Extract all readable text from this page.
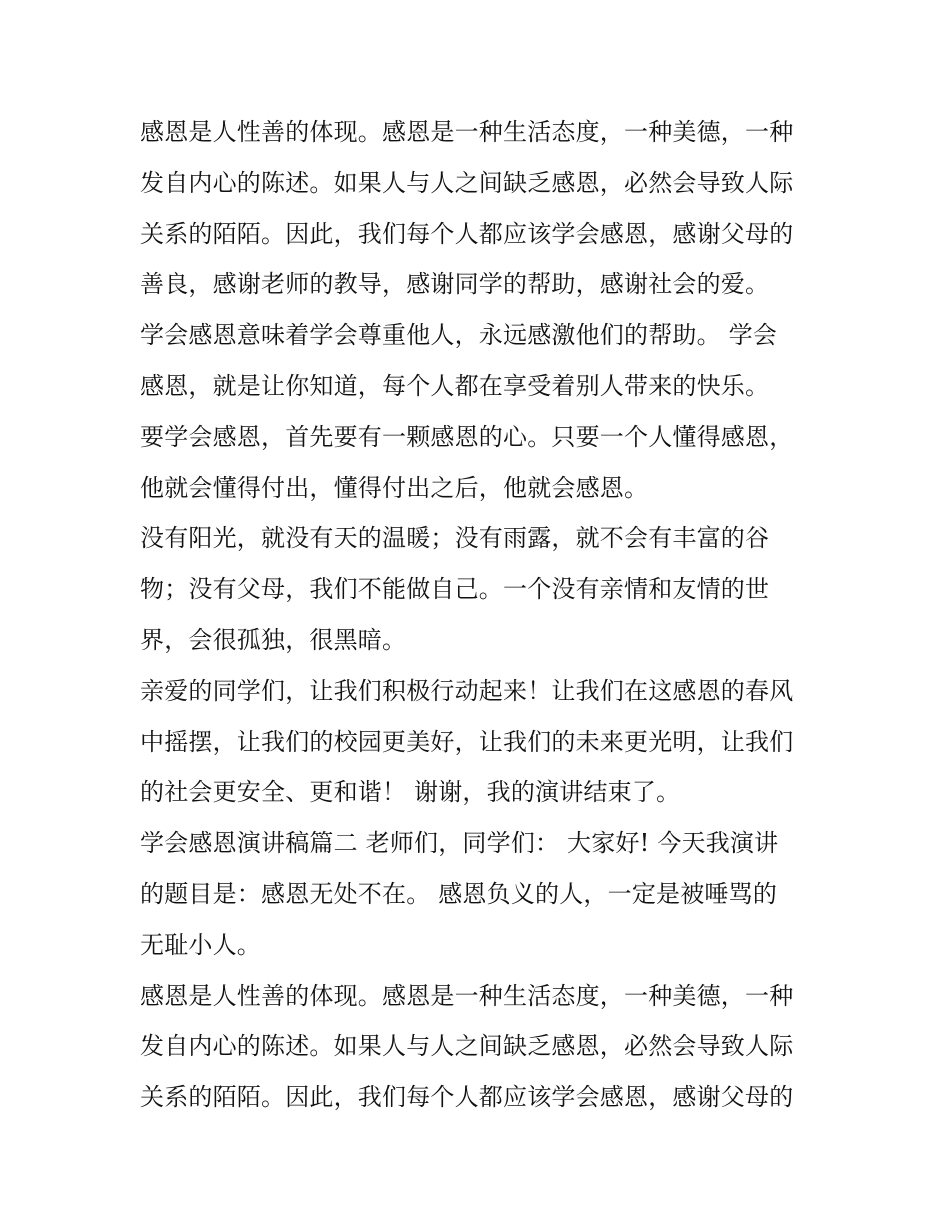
感恩是人性善的体现。感恩是一种生活态度，一种美德，一种
发自内心的陈述。如果人与人之间缺乏感恩，必然会导致人际
关系的陌陌。因此，我们每个人都应该学会感恩，感谢父母的
善良，感谢老师的教导，感谢同学的帮助，感谢社会的爱。
学会感恩意味着学会尊重他人，永远感激他们的帮助。 学会
感恩，就是让你知道，每个人都在享受着别人带来的快乐。
要学会感恩，首先要有一颗感恩的心。只要一个人懂得感恩，
他就会懂得付出，懂得付出之后，他就会感恩。
没有阳光，就没有天的温暖；没有雨露，就不会有丰富的谷
物；没有父母，我们不能做自己。一个没有亲情和友情的世
界，会很孤独，很黑暗。
亲爱的同学们，让我们积极行动起来！让我们在这感恩的春风
中摇摆，让我们的校园更美好，让我们的未来更光明，让我们
的社会更安全、更和谐！ 谢谢，我的演讲结束了。
学会感恩演讲稿篇二 老师们，同学们： 大家好! 今天我演讲
的题目是：感恩无处不在。 感恩负义的人，一定是被唾骂的
无耻小人。
感恩是人性善的体现。感恩是一种生活态度，一种美德，一种
发自内心的陈述。如果人与人之间缺乏感恩，必然会导致人际
关系的陌陌。因此，我们每个人都应该学会感恩，感谢父母的
